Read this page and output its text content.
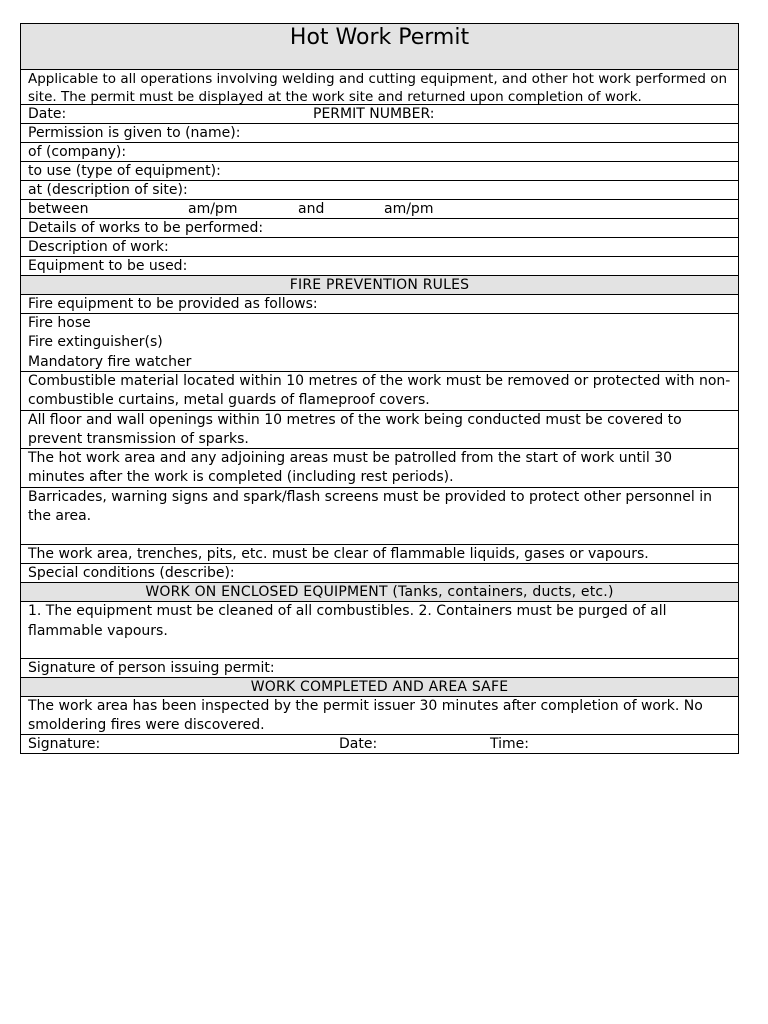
Hot Work Permit
Applicable to all operations involving welding and cutting equipment, and other hot work performed on site. The permit must be displayed at the work site and returned upon completion of work.
Date:	PERMIT NUMBER:
Permission is given to (name):
of (company):
to use (type of equipment):
at (description of site):
between	am/pm	and	am/pm
Details of works to be performed:
Description of work:
Equipment to be used:
FIRE PREVENTION RULES
Fire equipment to be provided as follows:
Fire hose
Fire extinguisher(s)
Mandatory fire watcher
Combustible material located within 10 metres of the work must be removed or protected with non-combustible curtains, metal guards of flameproof covers.
All floor and wall openings within 10 metres of the work being conducted must be covered to prevent transmission of sparks.
The hot work area and any adjoining areas must be patrolled from the start of work until 30 minutes after the work is completed (including rest periods).
Barricades, warning signs and spark/flash screens must be provided to protect other personnel in the area.
The work area, trenches, pits, etc. must be clear of flammable liquids, gases or vapours.
Special conditions (describe):
WORK ON ENCLOSED EQUIPMENT (Tanks, containers, ducts, etc.)
1. The equipment must be cleaned of all combustibles. 2. Containers must be purged of all flammable vapours.
Signature of person issuing permit:
WORK COMPLETED AND AREA SAFE
The work area has been inspected by the permit issuer 30 minutes after completion of work. No smoldering fires were discovered.
Signature:	Date:	Time:
